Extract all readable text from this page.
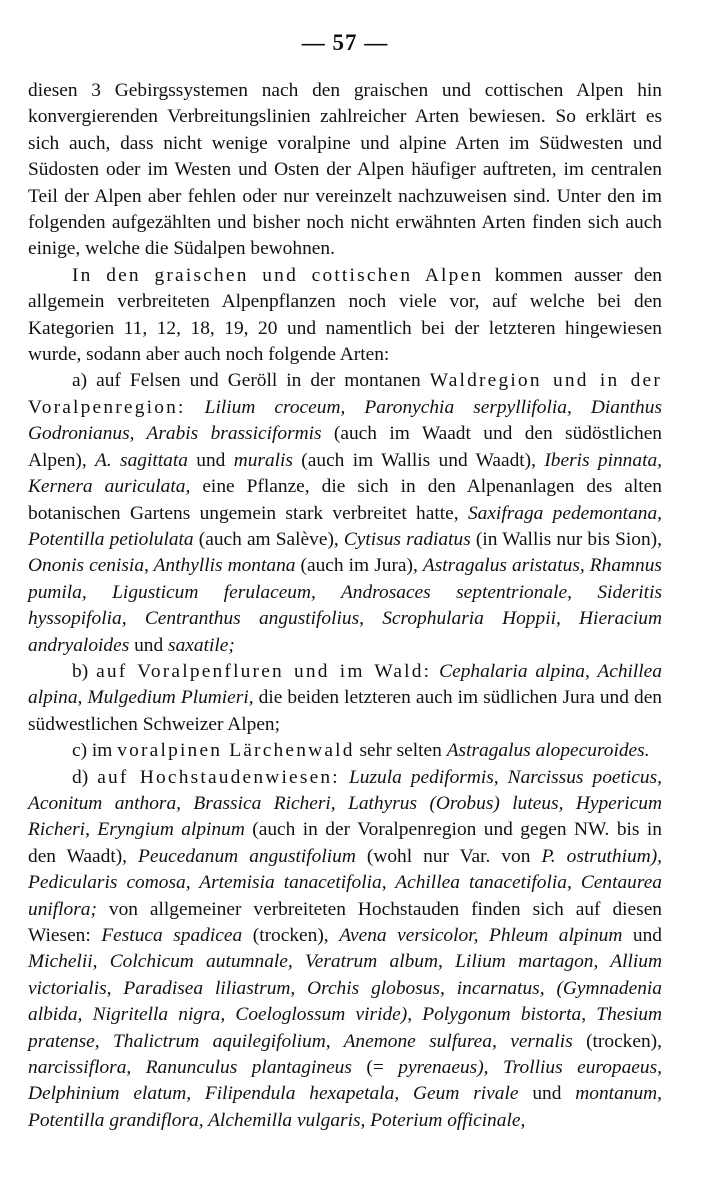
— 57 —

diesen 3 Gebirgssystemen nach den graischen und cottischen Alpen hin konvergierenden Verbreitungslinien zahlreicher Arten bewiesen. So erklärt es sich auch, dass nicht wenige voralpine und alpine Arten im Südwesten und Südosten oder im Westen und Osten der Alpen häufiger auftreten, im centralen Teil der Alpen aber fehlen oder nur vereinzelt nachzuweisen sind. Unter den im folgenden aufgezählten und bisher noch nicht erwähnten Arten finden sich auch einige, welche die Südalpen bewohnen.

In den graischen und cottischen Alpen kommen ausser den allgemein verbreiteten Alpenpflanzen noch viele vor, auf welche bei den Kategorien 11, 12, 18, 19, 20 und namentlich bei der letzteren hingewiesen wurde, sodann aber auch noch folgende Arten:

a) auf Felsen und Geröll in der montanen Waldregion und in der Voralpenregion: Lilium croceum, Paronychia serpyllifolia, Dianthus Godronianus, Arabis brassiciformis (auch im Waadt und den südöstlichen Alpen), A. sagittata und muralis (auch im Wallis und Waadt), Iberis pinnata, Kernera auriculata, eine Pflanze, die sich in den Alpenanlagen des alten botanischen Gartens ungemein stark verbreitet hatte, Saxifraga pedemontana, Potentilla petiolulata (auch am Salève), Cytisus radiatus (in Wallis nur bis Sion), Ononis cenisia, Anthyllis montana (auch im Jura), Astragalus aristatus, Rhamnus pumila, Ligusticum ferulaceum, Androsaces septentrionale, Sideritis hyssopifolia, Centranthus angustifolius, Scrophularia Hoppii, Hieracium andryaloides und saxatile;

b) auf Voralpenfluren und im Wald: Cephalaria alpina, Achillea alpina, Mulgedium Plumieri, die beiden letzteren auch im südlichen Jura und den südwestlichen Schweizer Alpen;

c) im voralpinen Lärchenwald sehr selten Astragalus alopecuroides.

d) auf Hochstaudenwiesen: Luzula pediformis, Narcissus poeticus, Aconitum anthora, Brassica Richeri, Lathyrus (Orobus) luteus, Hypericum Richeri, Eryngium alpinum (auch in der Voralpenregion und gegen NW. bis in den Waadt), Peucedanum angustifolium (wohl nur Var. von P. ostruthium), Pedicularis comosa, Artemisia tanacetifolia, Achillea tanacetifolia, Centaurea uniflora; von allgemeiner verbreiteten Hochstauden finden sich auf diesen Wiesen: Festuca spadicea (trocken), Avena versicolor, Phleum alpinum und Michelii, Colchicum autumnale, Veratrum album, Lilium martagon, Allium victorialis, Paradisea liliastrum, Orchis globosus, incarnatus, (Gymnadenia albida, Nigritella nigra, Coeloglossum viride), Polygonum bistorta, Thesium pratense, Thalictrum aquilegifolium, Anemone sulfurea, vernalis (trocken), narcissiflora, Ranunculus plantagineus (= pyrenaeus), Trollius europaeus, Delphinium elatum, Filipendula hexapetala, Geum rivale und montanum, Potentilla grandiflora, Alchemilla vulgaris, Poterium officinale,
